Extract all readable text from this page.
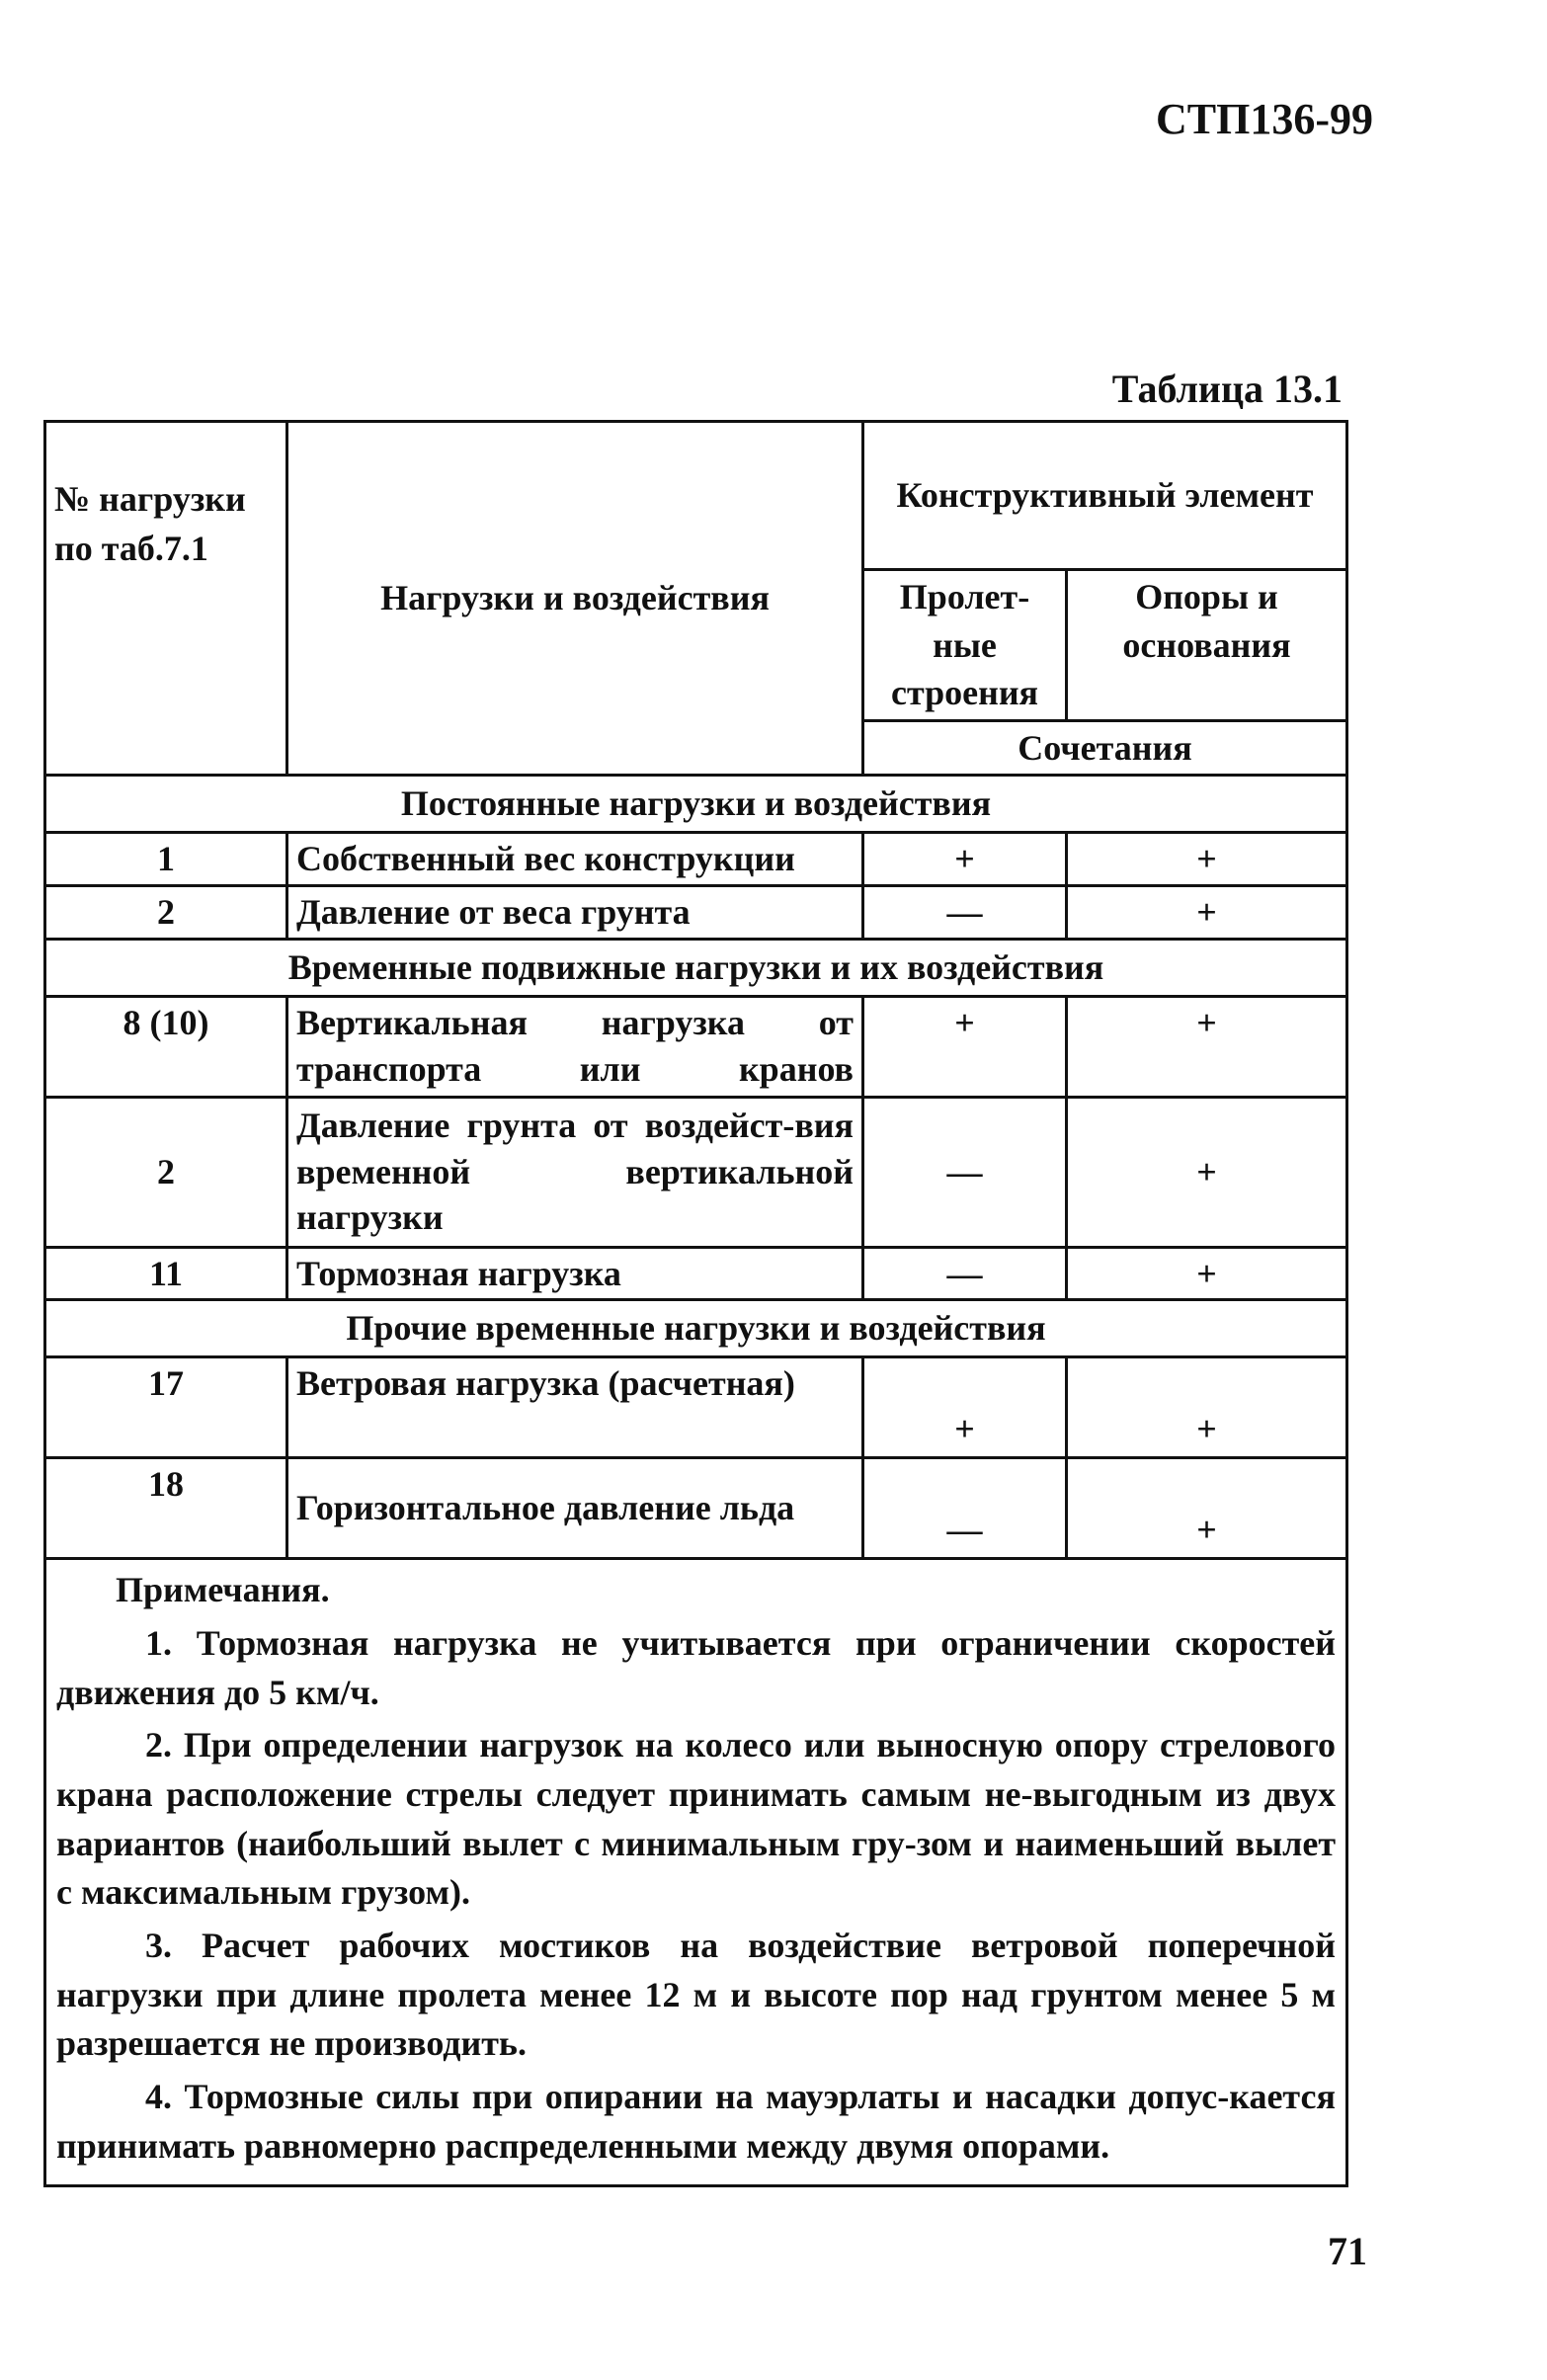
СТП136-99
Таблица 13.1
№ нагрузки по таб.7.1	Нагрузки и воздействия	Конструктивный элемент	
		Пролет-ные строения	Опоры и основания
		Сочетания	
Постоянные нагрузки и воздействия			
1	Собственный вес конструкции	+	+
2	Давление от веса грунта	—	+
Временные подвижные нагрузки и их воздействия			
8 (10)	Вертикальная нагрузка от транспорта или кранов	+	+
2	Давление грунта от воздейст-вия временной вертикальной нагрузки	—	+
11	Тормозная нагрузка	—	+
Прочие временные нагрузки и воздействия			
17	Ветровая нагрузка (расчетная)	+	+
18	Горизонтальное давление льда	—	+

Примечания.

1. Тормозная нагрузка не учитывается при ограничении скоростей движения до 5 км/ч.

2. При определении нагрузок на колесо или выносную опору стрелового крана расположение стрелы следует принимать самым не-выгодным из двух вариантов (наибольший вылет с минимальным гру-зом и наименьший вылет с максимальным грузом).

3. Расчет рабочих мостиков на воздействие ветровой поперечной нагрузки при длине пролета менее 12 м и высоте пор над грунтом менее 5 м разрешается не производить.

4. Тормозные силы при опирании на мауэрлаты и насадки допус-кается принимать равномерно распределенными между двумя опорами.			

71
